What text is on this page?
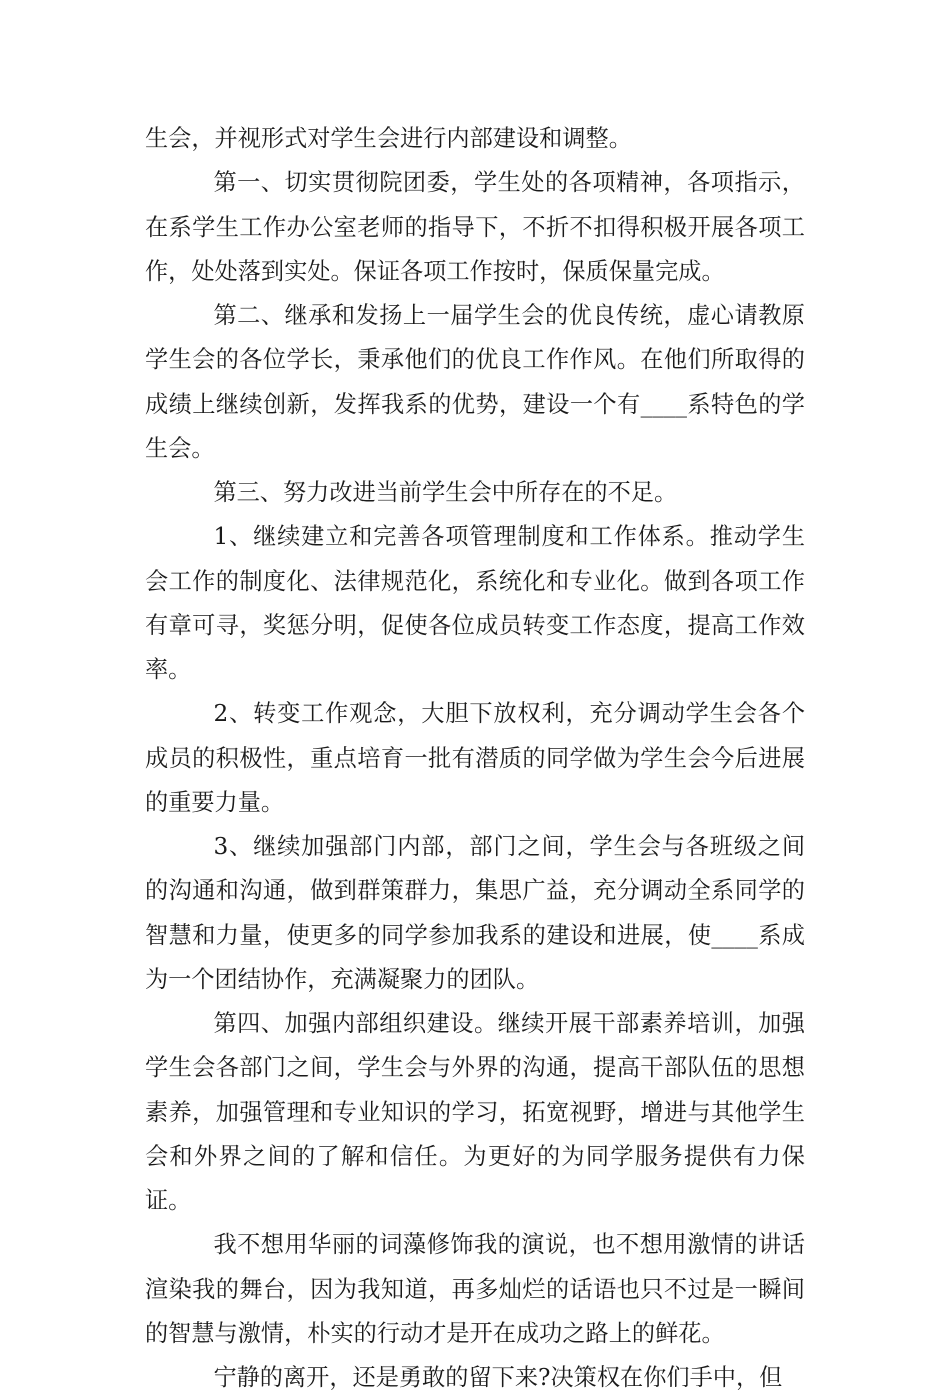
生会，并视形式对学生会进行内部建设和调整。

第一、切实贯彻院团委，学生处的各项精神，各项指示，在系学生工作办公室老师的指导下，不折不扣得积极开展各项工作，处处落到实处。保证各项工作按时，保质保量完成。

第二、继承和发扬上一届学生会的优良传统，虚心请教原学生会的各位学长，秉承他们的优良工作作风。在他们所取得的成绩上继续创新，发挥我系的优势，建设一个有____系特色的学生会。

第三、努力改进当前学生会中所存在的不足。

1、继续建立和完善各项管理制度和工作体系。推动学生会工作的制度化、法律规范化，系统化和专业化。做到各项工作有章可寻，奖惩分明，促使各位成员转变工作态度，提高工作效率。

2、转变工作观念，大胆下放权利，充分调动学生会各个成员的积极性，重点培育一批有潜质的同学做为学生会今后进展的重要力量。

3、继续加强部门内部，部门之间，学生会与各班级之间的沟通和沟通，做到群策群力，集思广益，充分调动全系同学的智慧和力量，使更多的同学参加我系的建设和进展，使____系成为一个团结协作，充满凝聚力的团队。

第四、加强内部组织建设。继续开展干部素养培训，加强学生会各部门之间，学生会与外界的沟通，提高干部队伍的思想素养，加强管理和专业知识的学习，拓宽视野，增进与其他学生会和外界之间的了解和信任。为更好的为同学服务提供有力保证。

我不想用华丽的词藻修饰我的演说，也不想用激情的讲话渲染我的舞台，因为我知道，再多灿烂的话语也只不过是一瞬间的智慧与激情，朴实的行动才是开在成功之路上的鲜花。

宁静的离开，还是勇敢的留下来?决策权在你们手中，但
